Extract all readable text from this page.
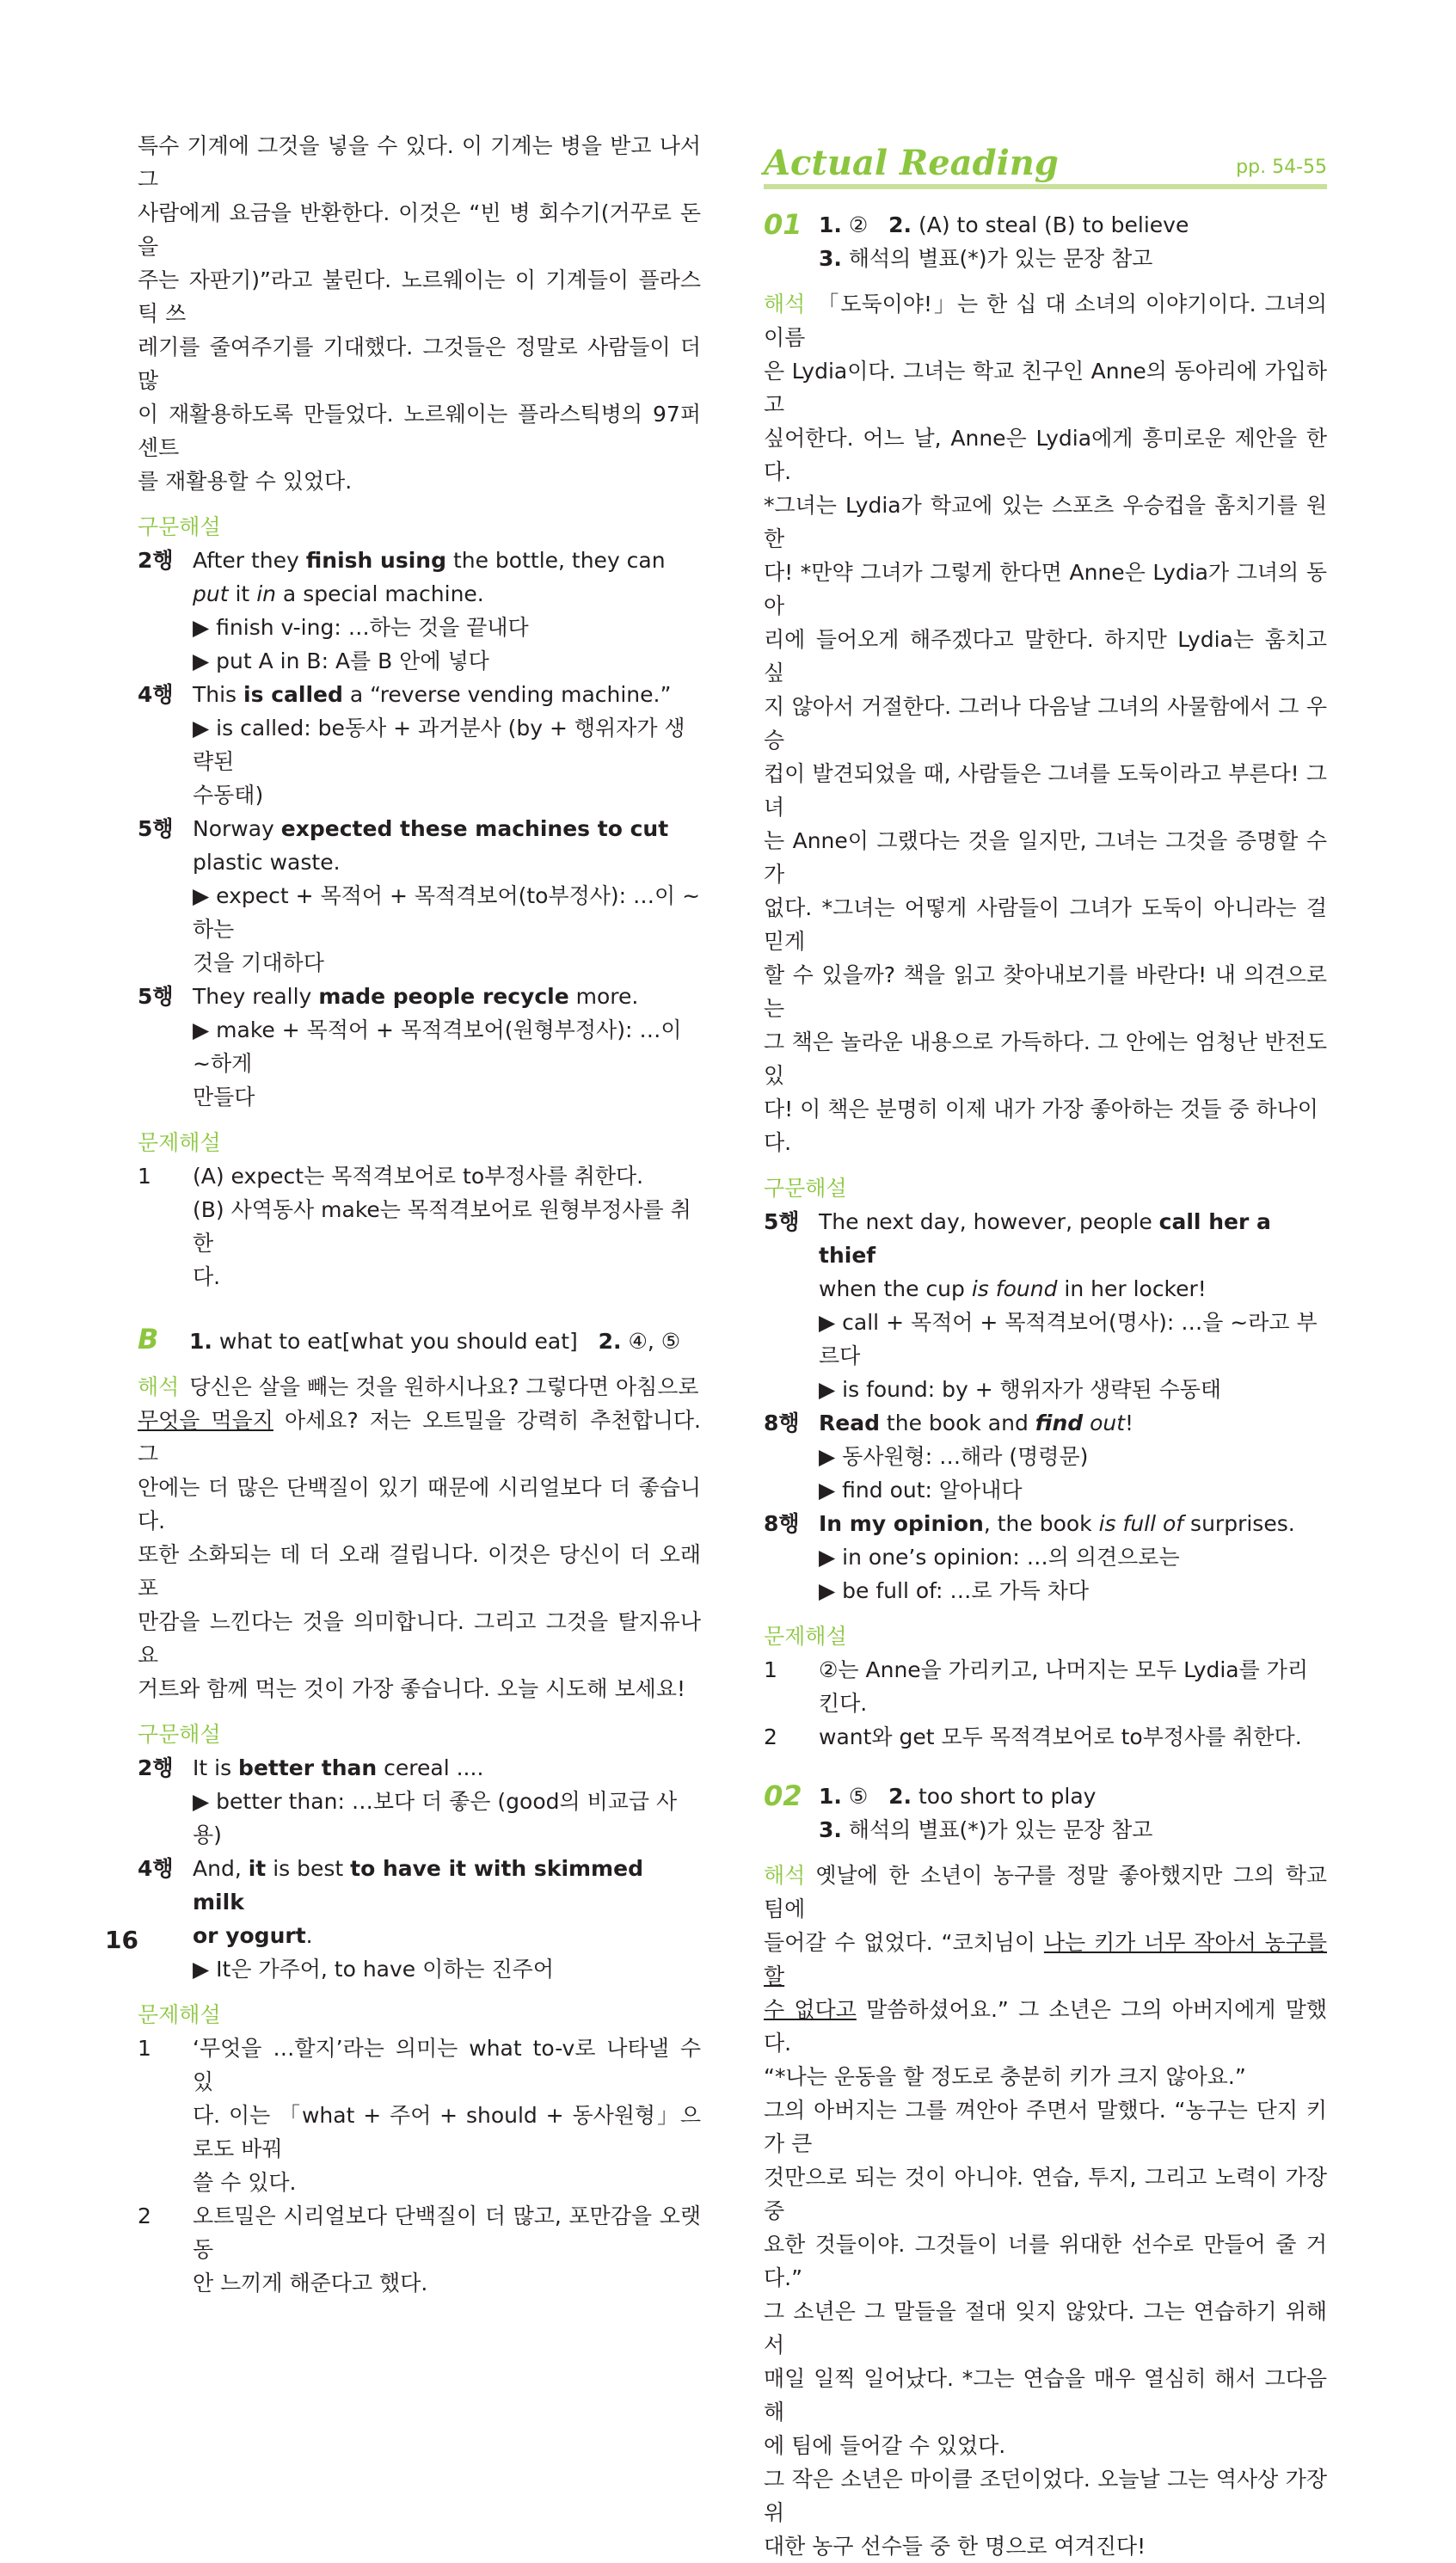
특수 기계에 그것을 넣을 수 있다. 이 기계는 병을 받고 나서 그

사람에게 요금을 반환한다. 이것은 “빈 병 회수기(거꾸로 돈을

주는 자판기)”라고 불린다. 노르웨이는 이 기계들이 플라스틱 쓰

레기를 줄여주기를 기대했다. 그것들은 정말로 사람들이 더 많

이 재활용하도록 만들었다. 노르웨이는 플라스틱병의 97퍼센트

를 재활용할 수 있었다.

구문해설

2행 After they finish using the bottle, they can

put it in a special machine.

▶ finish v-ing: …하는 것을 끝내다

▶ put A in B: A를 B 안에 넣다

4행 This is called a “reverse vending machine.”

▶ is called: be동사 + 과거분사 (by + 행위자가 생략된

수동태)

5행 Norway expected these machines to cut

plastic waste.

▶ expect + 목적어 + 목적격보어(to부정사): …이 ~하는

것을 기대하다

5행 They really made people recycle more.

▶ make + 목적어 + 목적격보어(원형부정사): …이 ~하게

만들다

문제해설

1	(A) expect는 목적격보어로 to부정사를 취한다.

(B) 사역동사 make는 목적격보어로 원형부정사를 취한

다.

B	1. what to eat[what you should eat] 2. ④, ⑤

해석 당신은 살을 빼는 것을 원하시나요? 그렇다면 아침으로

무엇을 먹을지 아세요? 저는 오트밀을 강력히 추천합니다. 그

안에는 더 많은 단백질이 있기 때문에 시리얼보다 더 좋습니다.

또한 소화되는 데 더 오래 걸립니다. 이것은 당신이 더 오래 포

만감을 느낀다는 것을 의미합니다. 그리고 그것을 탈지유나 요

거트와 함께 먹는 것이 가장 좋습니다. 오늘 시도해 보세요!

구문해설

2행 It is better than cereal ....

▶ better than: …보다 더 좋은 (good의 비교급 사용)

4행 And, it is best to have it with skimmed milk

or yogurt.

▶ It은 가주어, to have 이하는 진주어

문제해설

1	‘무엇을 …할지’라는 의미는 what to-v로 나타낼 수 있

다. 이는 「what + 주어 + should + 동사원형」으로도 바꿔

쓸 수 있다.

2	오트밀은 시리얼보다 단백질이 더 많고, 포만감을 오랫동

안 느끼게 해준다고 했다.

Actual Reading	pp. 54-55
01 1. ② 2. (A) to steal (B) to believe

3. 해석의 별표(*)가 있는 문장 참고

해석 「도둑이야!」는 한 십 대 소녀의 이야기이다. 그녀의 이름

은 Lydia이다. 그녀는 학교 친구인 Anne의 동아리에 가입하고

싶어한다. 어느 날, Anne은 Lydia에게 흥미로운 제안을 한다.

*그녀는 Lydia가 학교에 있는 스포츠 우승컵을 훔치기를 원한

다! *만약 그녀가 그렇게 한다면 Anne은 Lydia가 그녀의 동아

리에 들어오게 해주겠다고 말한다. 하지만 Lydia는 훔치고 싶

지 않아서 거절한다. 그러나 다음날 그녀의 사물함에서 그 우승

컵이 발견되었을 때, 사람들은 그녀를 도둑이라고 부른다! 그녀

는 Anne이 그랬다는 것을 일지만, 그녀는 그것을 증명할 수가

없다. *그녀는 어떻게 사람들이 그녀가 도둑이 아니라는 걸 믿게

할 수 있을까? 책을 읽고 찾아내보기를 바란다! 내 의견으로는

그 책은 놀라운 내용으로 가득하다. 그 안에는 엄청난 반전도 있

다! 이 책은 분명히 이제 내가 가장 좋아하는 것들 중 하나이다.

구문해설

5행 The next day, however, people call her a thief

when the cup is found in her locker!

▶ call + 목적어 + 목적격보어(명사): …을 ~라고 부르다

▶ is found: by + 행위자가 생략된 수동태

8행 Read the book and find out!

▶ 동사원형: …해라 (명령문)

▶ find out: 알아내다

8행 In my opinion, the book is full of surprises.

▶ in one’s opinion: …의 의견으로는

▶ be full of: …로 가득 차다

문제해설

1	②는 Anne을 가리키고, 나머지는 모두 Lydia를 가리

킨다.

2	want와 get 모두 목적격보어로 to부정사를 취한다.

02 1. ⑤ 2. too short to play

3. 해석의 별표(*)가 있는 문장 참고

해석 옛날에 한 소년이 농구를 정말 좋아했지만 그의 학교 팀에

들어갈 수 없었다. “코치님이 나는 키가 너무 작아서 농구를 할

수 없다고 말씀하셨어요.” 그 소년은 그의 아버지에게 말했다.

“*나는 운동을 할 정도로 충분히 키가 크지 않아요.”

그의 아버지는 그를 껴안아 주면서 말했다. “농구는 단지 키가 큰

것만으로 되는 것이 아니야. 연습, 투지, 그리고 노력이 가장 중

요한 것들이야. 그것들이 너를 위대한 선수로 만들어 줄 거다.”

그 소년은 그 말들을 절대 잊지 않았다. 그는 연습하기 위해서

매일 일찍 일어났다. *그는 연습을 매우 열심히 해서 그다음 해

에 팀에 들어갈 수 있었다.

그 작은 소년은 마이클 조던이었다. 오늘날 그는 역사상 가장 위

대한 농구 선수들 중 한 명으로 여겨진다!

16
